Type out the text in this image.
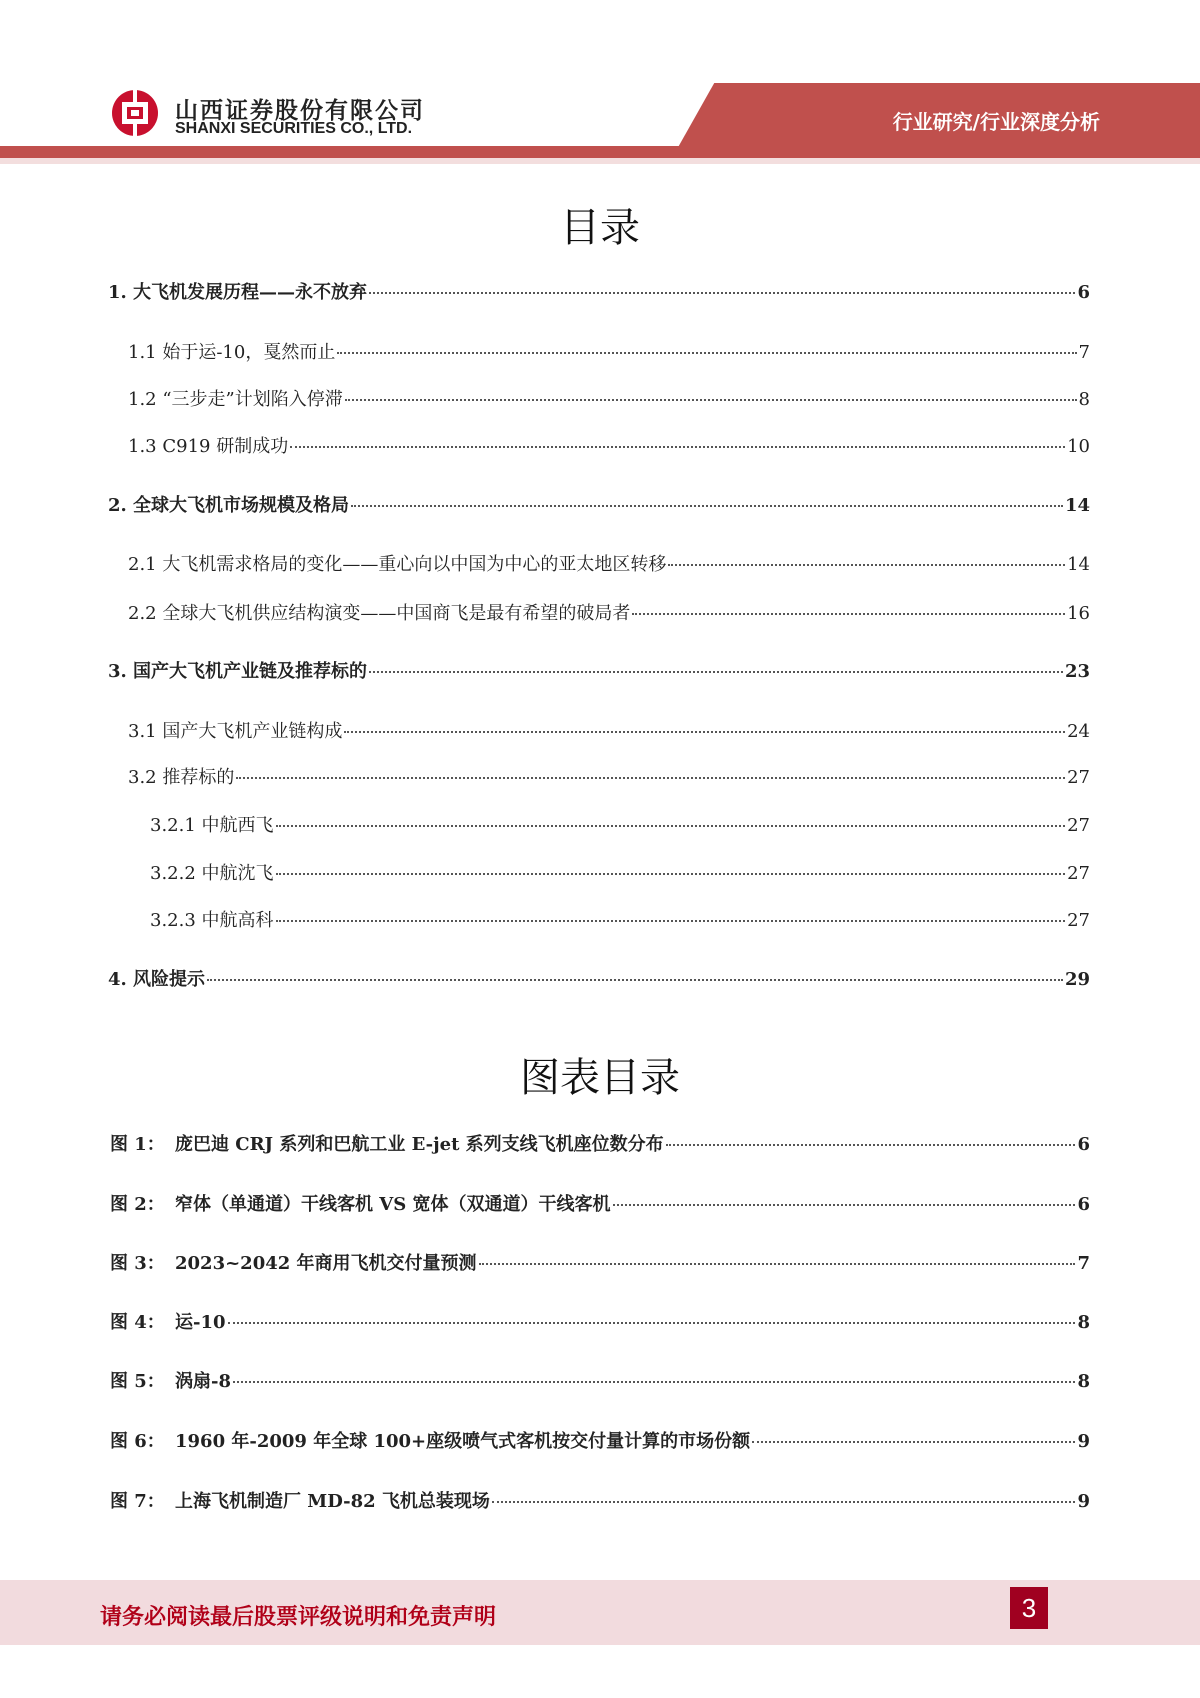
山西证券股份有限公司
SHANXI SECURITIES CO., LTD.	行业研究/行业深度分析
目录
1. 大飞机发展历程——永不放弃	6
1.1 始于运-10，戛然而止	7
1.2 “三步走”计划陷入停滞	8
1.3 C919 研制成功	10
2. 全球大飞机市场规模及格局	14
2.1 大飞机需求格局的变化——重心向以中国为中心的亚太地区转移	14
2.2 全球大飞机供应结构演变——中国商飞是最有希望的破局者	16
3. 国产大飞机产业链及推荐标的	23
3.1 国产大飞机产业链构成	24
3.2 推荐标的	27
3.2.1 中航西飞	27
3.2.2 中航沈飞	27
3.2.3 中航高科	27
4. 风险提示	29
图表目录
图 1： 庞巴迪 CRJ 系列和巴航工业 E-jet 系列支线飞机座位数分布	6
图 2： 窄体（单通道）干线客机 VS 宽体（双通道）干线客机	6
图 3： 2023~2042 年商用飞机交付量预测	7
图 4： 运-10	8
图 5： 涡扇-8	8
图 6： 1960 年-2009 年全球 100+座级喷气式客机按交付量计算的市场份额	9
图 7： 上海飞机制造厂 MD-82 飞机总装现场	9
请务必阅读最后股票评级说明和免责声明	3
